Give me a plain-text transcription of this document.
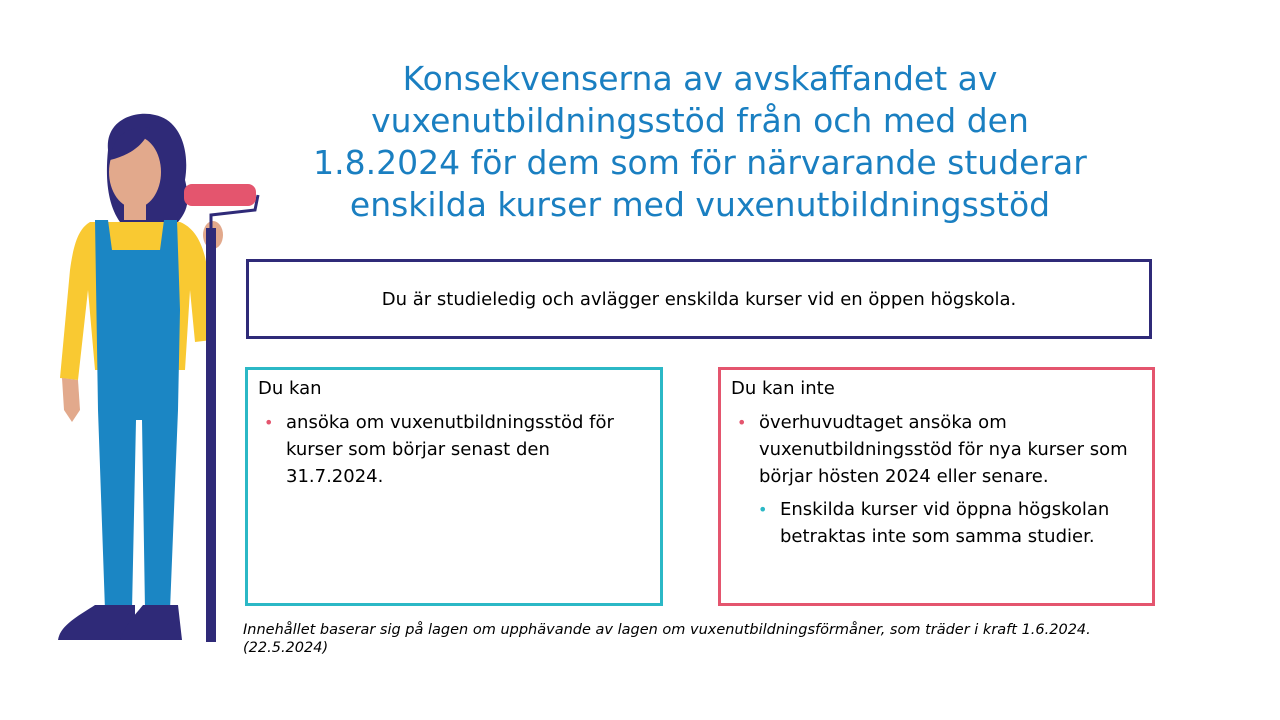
Konsekvenserna av avskaffandet av
vuxenutbildningsstöd från och med den
1.8.2024 för dem som för närvarande studerar
enskilda kurser med vuxenutbildningsstöd
Du är studieledig och avlägger enskilda kurser vid en öppen högskola.
Du kan
• ansöka om vuxenutbildningsstöd för kurser som börjar senast den 31.7.2024.
Du kan inte
• överhuvudtaget ansöka om vuxenutbildningsstöd för nya kurser som börjar hösten 2024 eller senare.
• Enskilda kurser vid öppna högskolan betraktas inte som samma studier.
Innehållet baserar sig på lagen om upphävande av lagen om vuxenutbildningsförmåner, som träder i kraft 1.6.2024.
(22.5.2024)
